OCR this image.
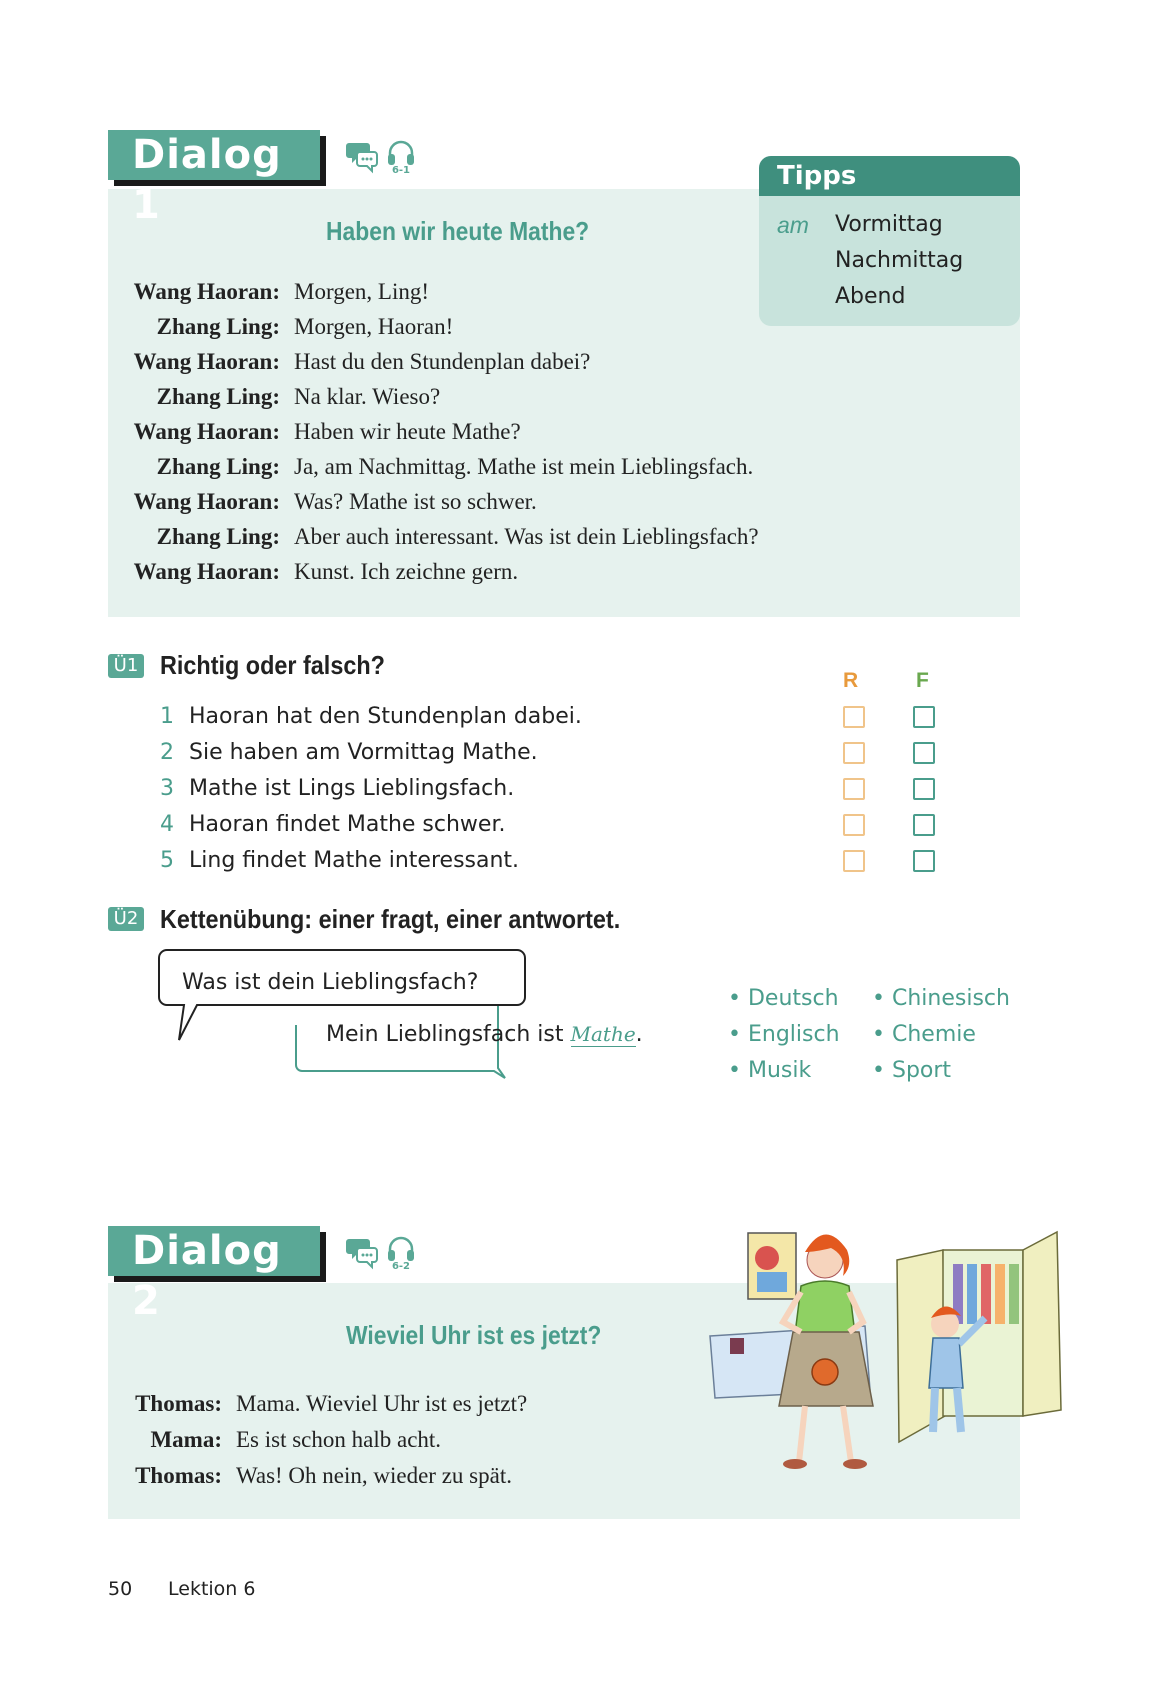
Dialog 1
6-1
Haben wir heute Mathe?
Wang Haoran: Morgen, Ling!
Zhang Ling: Morgen, Haoran!
Wang Haoran: Hast du den Stundenplan dabei?
Zhang Ling: Na klar. Wieso?
Wang Haoran: Haben wir heute Mathe?
Zhang Ling: Ja, am Nachmittag. Mathe ist mein Lieblingsfach.
Wang Haoran: Was? Mathe ist so schwer.
Zhang Ling: Aber auch interessant. Was ist dein Lieblingsfach?
Wang Haoran: Kunst. Ich zeichne gern.
Tipps
am Vormittag
Nachmittag
Abend
Ü1 Richtig oder falsch?
R	F
1 Haoran hat den Stundenplan dabei.
2 Sie haben am Vormittag Mathe.
3 Mathe ist Lings Lieblingsfach.
4 Haoran findet Mathe schwer.
5 Ling findet Mathe interessant.
Ü2 Kettenübung: einer fragt, einer antwortet.
Was ist dein Lieblingsfach?
Mein Lieblingsfach ist Mathe.
• Deutsch • Chinesisch
• Englisch • Chemie
• Musik	• Sport
Dialog 2
6-2
Wieviel Uhr ist es jetzt?
Thomas: Mama. Wieviel Uhr ist es jetzt?
Mama: Es ist schon halb acht.
Thomas: Was! Oh nein, wieder zu spät.
50 Lektion 6
